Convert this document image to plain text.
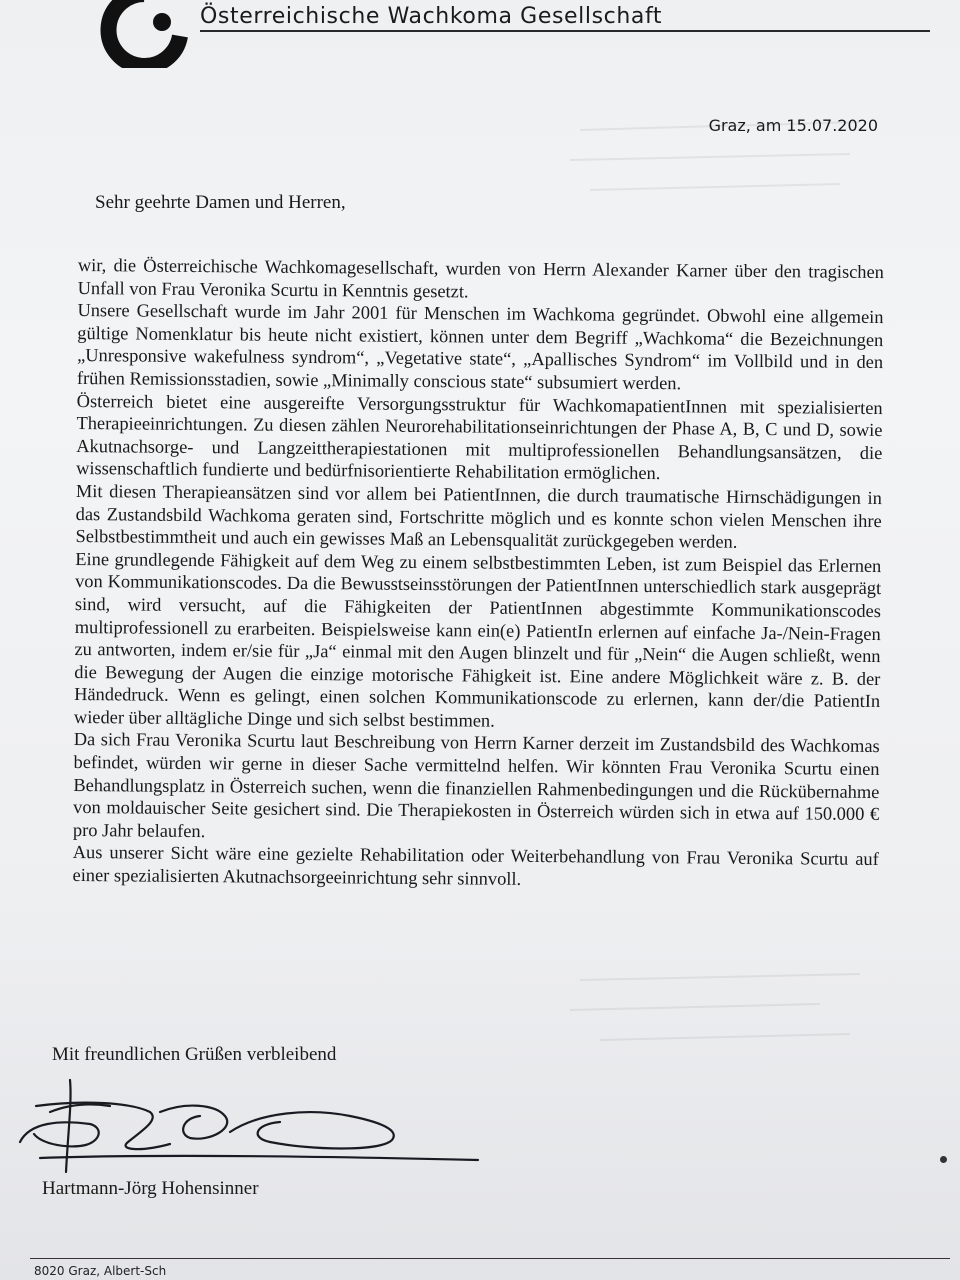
Österreichische Wachkoma Gesellschaft
Graz, am 15.07.2020
Sehr geehrte Damen und Herren,

wir, die Österreichische Wachkomagesellschaft, wurden von Herrn Alexander Karner über den tragischen Unfall von Frau Veronika Scurtu in Kenntnis gesetzt.

Unsere Gesellschaft wurde im Jahr 2001 für Menschen im Wachkoma gegründet. Obwohl eine allgemein gültige Nomenklatur bis heute nicht existiert, können unter dem Begriff „Wachkoma“ die Bezeichnungen „Unresponsive wakefulness syndrom“, „Vegetative state“, „Apallisches Syndrom“ im Vollbild und in den frühen Remissionsstadien, sowie „Minimally conscious state“ subsumiert werden.

Österreich bietet eine ausgereifte Versorgungsstruktur für WachkomapatientInnen mit spezialisierten Therapieeinrichtungen. Zu diesen zählen Neurorehabilitationseinrichtungen der Phase A, B, C und D, sowie Akutnachsorge- und Langzeittherapiestationen mit multiprofessionellen Behandlungsansätzen, die wissenschaftlich fundierte und bedürfnisorientierte Rehabilitation ermöglichen.

Mit diesen Therapieansätzen sind vor allem bei PatientInnen, die durch traumatische Hirnschädigungen in das Zustandsbild Wachkoma geraten sind, Fortschritte möglich und es konnte schon vielen Menschen ihre Selbstbestimmtheit und auch ein gewisses Maß an Lebensqualität zurückgegeben werden.

Eine grundlegende Fähigkeit auf dem Weg zu einem selbstbestimmten Leben, ist zum Beispiel das Erlernen von Kommunikationscodes. Da die Bewusstseinsstörungen der PatientInnen unterschiedlich stark ausgeprägt sind, wird versucht, auf die Fähigkeiten der PatientInnen abgestimmte Kommunikationscodes multiprofessionell zu erarbeiten. Beispielsweise kann ein(e) PatientIn erlernen auf einfache Ja-/Nein-Fragen zu antworten, indem er/sie für „Ja“ einmal mit den Augen blinzelt und für „Nein“ die Augen schließt, wenn die Bewegung der Augen die einzige motorische Fähigkeit ist. Eine andere Möglichkeit wäre z. B. der Händedruck. Wenn es gelingt, einen solchen Kommunikationscode zu erlernen, kann der/die PatientIn wieder über alltägliche Dinge und sich selbst bestimmen.

Da sich Frau Veronika Scurtu laut Beschreibung von Herrn Karner derzeit im Zustandsbild des Wachkomas befindet, würden wir gerne in dieser Sache vermittelnd helfen. Wir könnten Frau Veronika Scurtu einen Behandlungsplatz in Österreich suchen, wenn die finanziellen Rahmenbedingungen und die Rückübernahme von moldauischer Seite gesichert sind. Die Therapiekosten in Österreich würden sich in etwa auf 150.000 € pro Jahr belaufen.

Aus unserer Sicht wäre eine gezielte Rehabilitation oder Weiterbehandlung von Frau Veronika Scurtu auf einer spezialisierten Akutnachsorgeeinrichtung sehr sinnvoll.

Mit freundlichen Grüßen verbleibend
Hartmann-Jörg Hohensinner
8020 Graz, Albert-Sch
